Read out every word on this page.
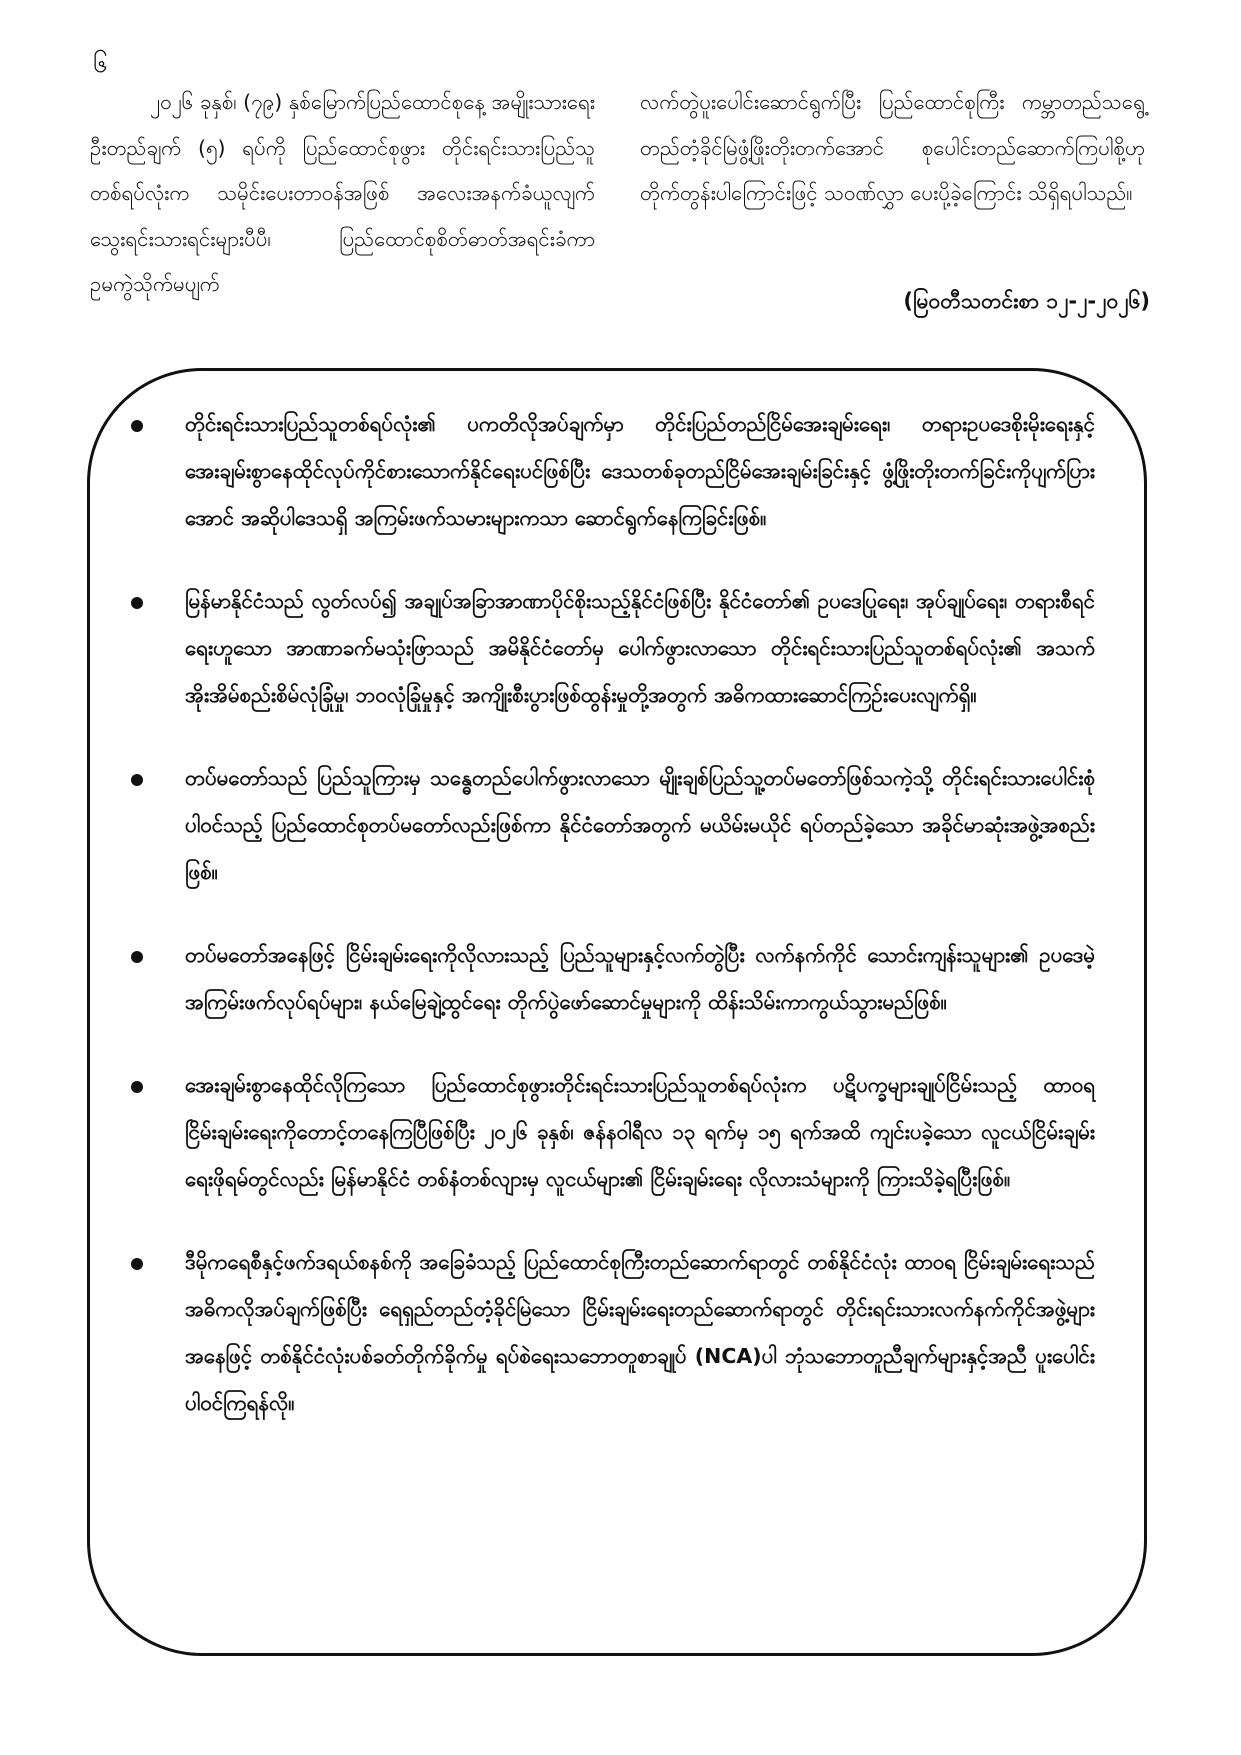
၆

၂၀၂၆ ခုနှစ်၊ (၇၉) နှစ်မြောက်ပြည်ထောင်စုနေ့ အမျိုးသားရေးဦးတည်ချက် (၅) ရပ်ကို ပြည်ထောင်စုဖွား တိုင်းရင်းသားပြည်သူတစ်ရပ်လုံးက သမိုင်းပေးတာဝန်အဖြစ် အလေးအနက်ခံယူလျက် သွေးရင်းသားရင်းများပီပီ၊ ပြည်ထောင်စုစိတ်ဓာတ်အရင်းခံကာ ဥမကွဲသိုက်မပျက်

လက်တွဲပူးပေါင်းဆောင်ရွက်ပြီး ပြည်ထောင်စုကြီး ကမ္ဘာတည်သရွေ့ တည်တံ့ခိုင်မြဲဖွံ့ဖြိုးတိုးတက်အောင် စုပေါင်းတည်ဆောက်ကြပါစို့ဟု တိုက်တွန်းပါကြောင်းဖြင့် သဝဏ်လွှာ ပေးပို့ခဲ့ကြောင်း သိရှိရပါသည်။

(မြဝတီသတင်းစာ ၁၂-၂-၂၀၂၆)
တိုင်းရင်းသားပြည်သူတစ်ရပ်လုံး၏ ပကတိလိုအပ်ချက်မှာ တိုင်းပြည်တည်ငြိမ်အေးချမ်းရေး၊ တရားဥပဒေစိုးမိုးရေးနှင့် အေးချမ်းစွာနေထိုင်လုပ်ကိုင်စားသောက်နိုင်ရေးပင်ဖြစ်ပြီး ဒေသတစ်ခုတည်ငြိမ်အေးချမ်းခြင်းနှင့် ဖွံ့ဖြိုးတိုးတက်ခြင်းကိုပျက်ပြားအောင် အဆိုပါဒေသရှိ အကြမ်းဖက်သမားများကသာ ဆောင်ရွက်နေကြခြင်းဖြစ်။
မြန်မာနိုင်ငံသည် လွတ်လပ်၍ အချုပ်အခြာအာဏာပိုင်စိုးသည့်နိုင်ငံဖြစ်ပြီး နိုင်ငံတော်၏ ဥပဒေပြုရေး၊ အုပ်ချုပ်ရေး၊ တရားစီရင်ရေးဟူသော အာဏာခက်မသုံးဖြာသည် အမိနိုင်ငံတော်မှ ပေါက်ဖွားလာသော တိုင်းရင်းသားပြည်သူတစ်ရပ်လုံး၏ အသက်အိုးအိမ်စည်းစိမ်လုံခြုံမှု၊ ဘဝလုံခြုံမှုနှင့် အကျိုးစီးပွားဖြစ်ထွန်းမှုတို့အတွက် အဓိကထားဆောင်ကြဉ်းပေးလျက်ရှိ။
တပ်မတော်သည် ပြည်သူကြားမှ သန္ဓေတည်ပေါက်ဖွားလာသော မျိုးချစ်ပြည်သူ့တပ်မတော်ဖြစ်သကဲ့သို့ တိုင်းရင်းသားပေါင်းစုံပါဝင်သည့် ပြည်ထောင်စုတပ်မတော်လည်းဖြစ်ကာ နိုင်ငံတော်အတွက် မယိမ်းမယိုင် ရပ်တည်ခဲ့သော အခိုင်မာဆုံးအဖွဲ့အစည်းဖြစ်။
တပ်မတော်အနေဖြင့် ငြိမ်းချမ်းရေးကိုလိုလားသည့် ပြည်သူများနှင့်လက်တွဲပြီး လက်နက်ကိုင် သောင်းကျန်းသူများ၏ ဥပဒေမဲ့အကြမ်းဖက်လုပ်ရပ်များ၊ နယ်မြေချဲ့ထွင်ရေး တိုက်ပွဲဖော်ဆောင်မှုများကို ထိန်းသိမ်းကာကွယ်သွားမည်ဖြစ်။
အေးချမ်းစွာနေထိုင်လိုကြသော ပြည်ထောင်စုဖွားတိုင်းရင်းသားပြည်သူတစ်ရပ်လုံးက ပဋိပက္ခများချုပ်ငြိမ်းသည့် ထာဝရငြိမ်းချမ်းရေးကိုတောင့်တနေကြပြီဖြစ်ပြီး ၂၀၂၆ ခုနှစ်၊ ဇန်နဝါရီလ ၁၃ ရက်မှ ၁၅ ရက်အထိ ကျင်းပခဲ့သော လူငယ်ငြိမ်းချမ်းရေးဖိုရမ်တွင်လည်း မြန်မာနိုင်ငံ တစ်နံတစ်လျားမှ လူငယ်များ၏ ငြိမ်းချမ်းရေး လိုလားသံများကို ကြားသိခဲ့ရပြီးဖြစ်။
ဒီမိုကရေစီနှင့်ဖက်ဒရယ်စနစ်ကို အခြေခံသည့် ပြည်ထောင်စုကြီးတည်ဆောက်ရာတွင် တစ်နိုင်ငံလုံး ထာဝရ ငြိမ်းချမ်းရေးသည် အဓိကလိုအပ်ချက်ဖြစ်ပြီး ရေရှည်တည်တံ့ခိုင်မြဲသော ငြိမ်းချမ်းရေးတည်ဆောက်ရာတွင် တိုင်းရင်းသားလက်နက်ကိုင်အဖွဲ့များအနေဖြင့် တစ်နိုင်ငံလုံးပစ်ခတ်တိုက်ခိုက်မှု ရပ်စဲရေးသဘောတူစာချုပ် (NCA)ပါ ဘုံသဘောတူညီချက်များနှင့်အညီ ပူးပေါင်းပါဝင်ကြရန်လို။
